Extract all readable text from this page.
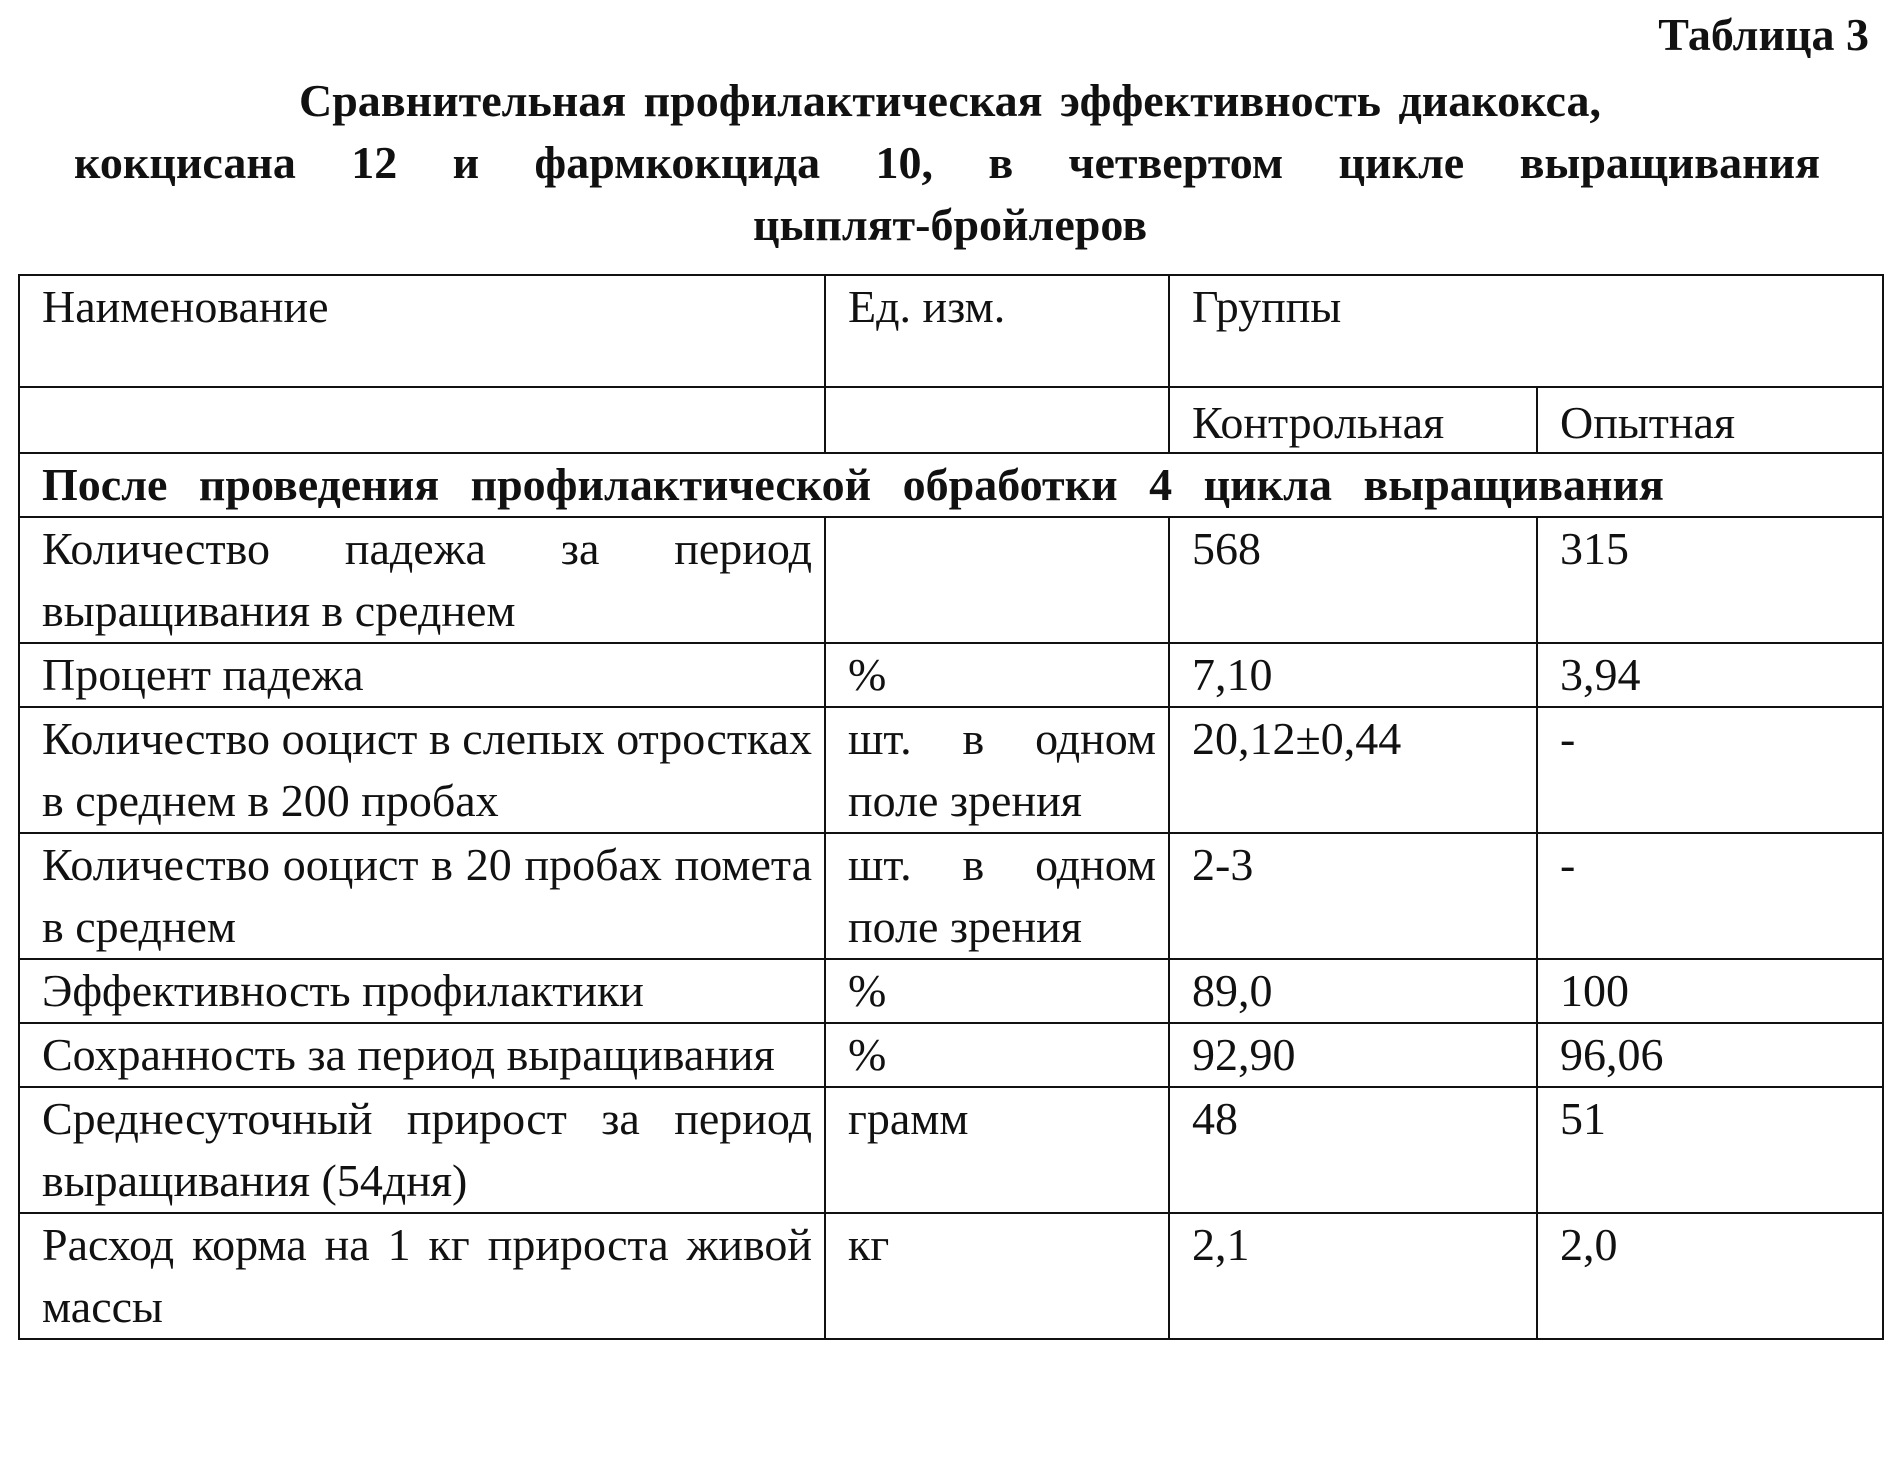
Таблица 3
Сравнительная профилактическая эффективность диакокса,
кокцисана 12 и фармкокцида 10, в четвертом цикле выращивания
цыплят-бройлеров
Наименование	Ед. изм.	Группы	
		Контрольная	Опытная

После проведения профилактической обработки 4 цикла выращивания			

Количество падежа за период выращивания в среднем		568	315
Процент падежа	%	7,10	3,94
Количество ооцист в слепых отростках в среднем в 200 пробах	шт. в одном поле зрения	20,12±0,44	-
Количество ооцист в 20 пробах помета в среднем	шт. в одном поле зрения	2-3	-
Эффективность профилактики	%	89,0	100
Сохранность за период выращивания	%	92,90	96,06
Среднесуточный прирост за период выращивания (54дня)	грамм	48	51
Расход корма на 1 кг прироста живой массы	кг	2,1	2,0
